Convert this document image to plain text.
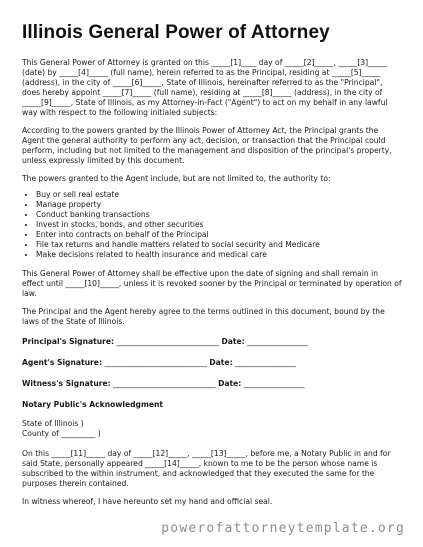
Illinois General Power of Attorney

This General Power of Attorney is granted on this _____[1]____ day of _____[2]_____, _____[3]_____ (date) by _____[4]_____ (full name), herein referred to as the Principal, residing at _____[5]_____ (address), in the city of _____[6]_____, State of Illinois, hereinafter referred to as the "Principal", does hereby appoint _____[7]_____ (full name), residing at _____[8]_____ (address), in the city of _____[9]_____, State of Illinois, as my Attorney-in-Fact ("Agent") to act on my behalf in any lawful way with respect to the following initialed subjects:

According to the powers granted by the Illinois Power of Attorney Act, the Principal grants the Agent the general authority to perform any act, decision, or transaction that the Principal could perform, including but not limited to the management and disposition of the principal's property, unless expressly limited by this document.

The powers granted to the Agent include, but are not limited to, the authority to:

• Buy or sell real estate
• Manage property
• Conduct banking transactions
• Invest in stocks, bonds, and other securities
• Enter into contracts on behalf of the Principal
• File tax returns and handle matters related to social security and Medicare
• Make decisions related to health insurance and medical care

This General Power of Attorney shall be effective upon the date of signing and shall remain in effect until _____[10]_____, unless it is revoked sooner by the Principal or terminated by operation of law.

The Principal and the Agent hereby agree to the terms outlined in this document, bound by the laws of the State of Illinois.

Principal's Signature: ___________________________ Date: ________________
Agent's Signature: ___________________________ Date: ________________
Witness's Signature: ___________________________ Date: ________________
Notary Public's Acknowledgment
State of Illinois )
County of _________ )

On this _____[11]_____ day of _____[12]_____, _____[13]_____, before me, a Notary Public in and for said State, personally appeared _____[14]_____, known to me to be the person whose name is subscribed to the within instrument, and acknowledged that they executed the same for the purposes therein contained.

In witness whereof, I have hereunto set my hand and official seal.

powerofattorneytemplate.org
